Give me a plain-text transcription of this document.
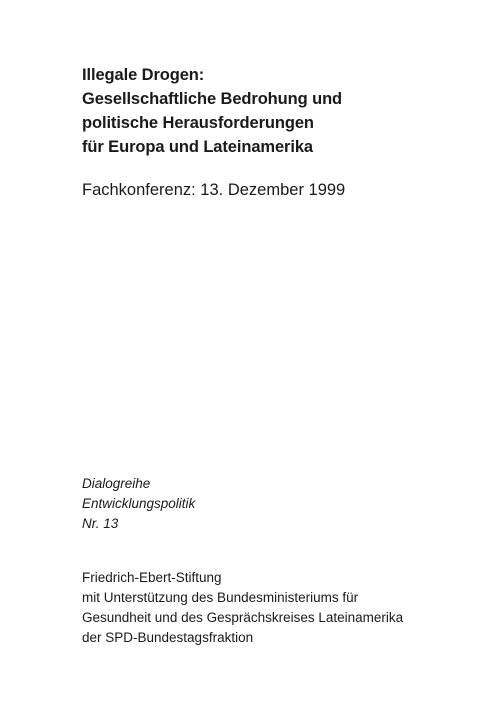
Illegale Drogen:
Gesellschaftliche Bedrohung und
politische Herausforderungen
für Europa und Lateinamerika
Fachkonferenz: 13. Dezember 1999
Dialogreihe
Entwicklungspolitik
Nr. 13
Friedrich-Ebert-Stiftung
mit Unterstützung des Bundesministeriums für
Gesundheit und des Gesprächskreises Lateinamerika
der SPD-Bundestagsfraktion
